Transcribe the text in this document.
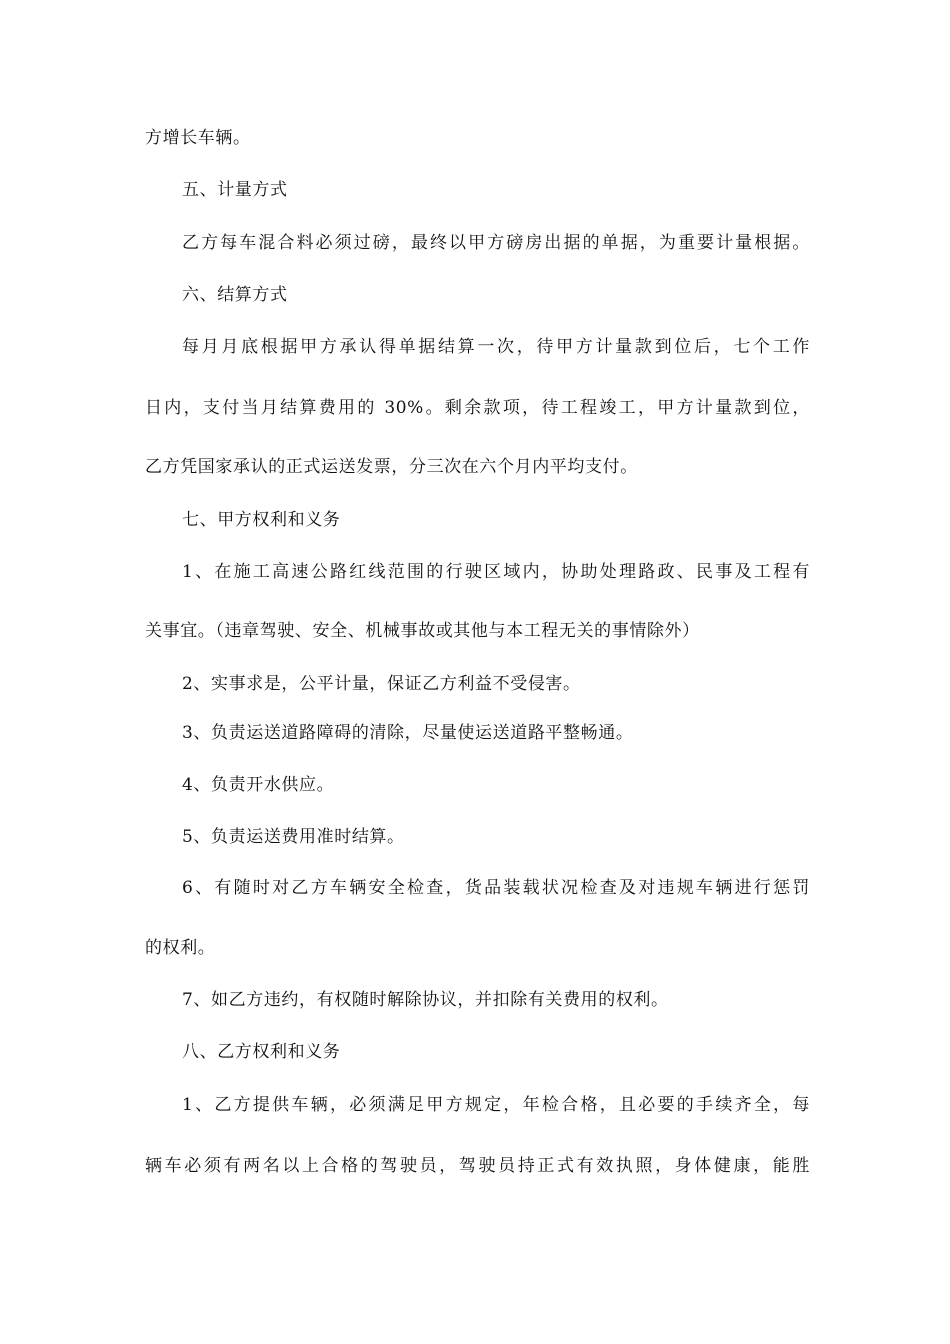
方增长车辆。
五、计量方式
乙方每车混合料必须过磅，最终以甲方磅房出据的单据，为重要计量根据。
六、结算方式
每月月底根据甲方承认得单据结算一次，待甲方计量款到位后，七个工作
日内，支付当月结算费用的 30%。剩余款项，待工程竣工，甲方计量款到位，
乙方凭国家承认的正式运送发票，分三次在六个月内平均支付。
七、甲方权利和义务
1、在施工高速公路红线范围的行驶区域内，协助处理路政、民事及工程有
关事宜。（违章驾驶、安全、机械事故或其他与本工程无关的事情除外）
2、实事求是，公平计量，保证乙方利益不受侵害。
3、负责运送道路障碍的清除，尽量使运送道路平整畅通。
4、负责开水供应。
5、负责运送费用准时结算。
6、有随时对乙方车辆安全检查，货品装载状况检查及对违规车辆进行惩罚
的权利。
7、如乙方违约，有权随时解除协议，并扣除有关费用的权利。
八、乙方权利和义务
1、乙方提供车辆，必须满足甲方规定，年检合格，且必要的手续齐全，每
辆车必须有两名以上合格的驾驶员，驾驶员持正式有效执照，身体健康，能胜
